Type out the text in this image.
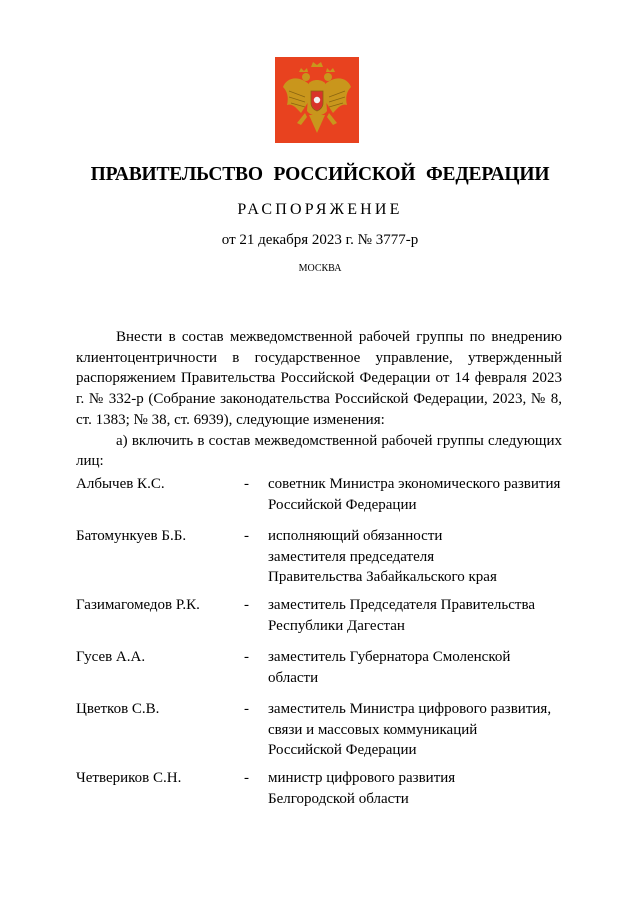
ПРАВИТЕЛЬСТВО РОССИЙСКОЙ ФЕДЕРАЦИИ
РАСПОРЯЖЕНИЕ
от 21 декабря 2023 г. № 3777-р
МОСКВА

Внести в состав межведомственной рабочей группы по внедрению клиентоцентричности в государственное управление, утвержденный распоряжением Правительства Российской Федерации от 14 февраля 2023 г. № 332-р (Собрание законодательства Российской Федерации, 2023, № 8, ст. 1383; № 38, ст. 6939), следующие изменения:

а) включить в состав межведомственной рабочей группы следующих лиц:

Албычев К.С.	-	советник Министра экономического развития
Российской Федерации
Батомункуев Б.Б.	-	исполняющий обязанности
заместителя председателя
Правительства Забайкальского края
Газимагомедов Р.К.	-	заместитель Председателя Правительства
Республики Дагестан
Гусев А.А.	-	заместитель Губернатора Смоленской
области
Цветков С.В.	-	заместитель Министра цифрового развития,
связи и массовых коммуникаций
Российской Федерации
Четвериков С.Н.	-	министр цифрового развития
Белгородской области
